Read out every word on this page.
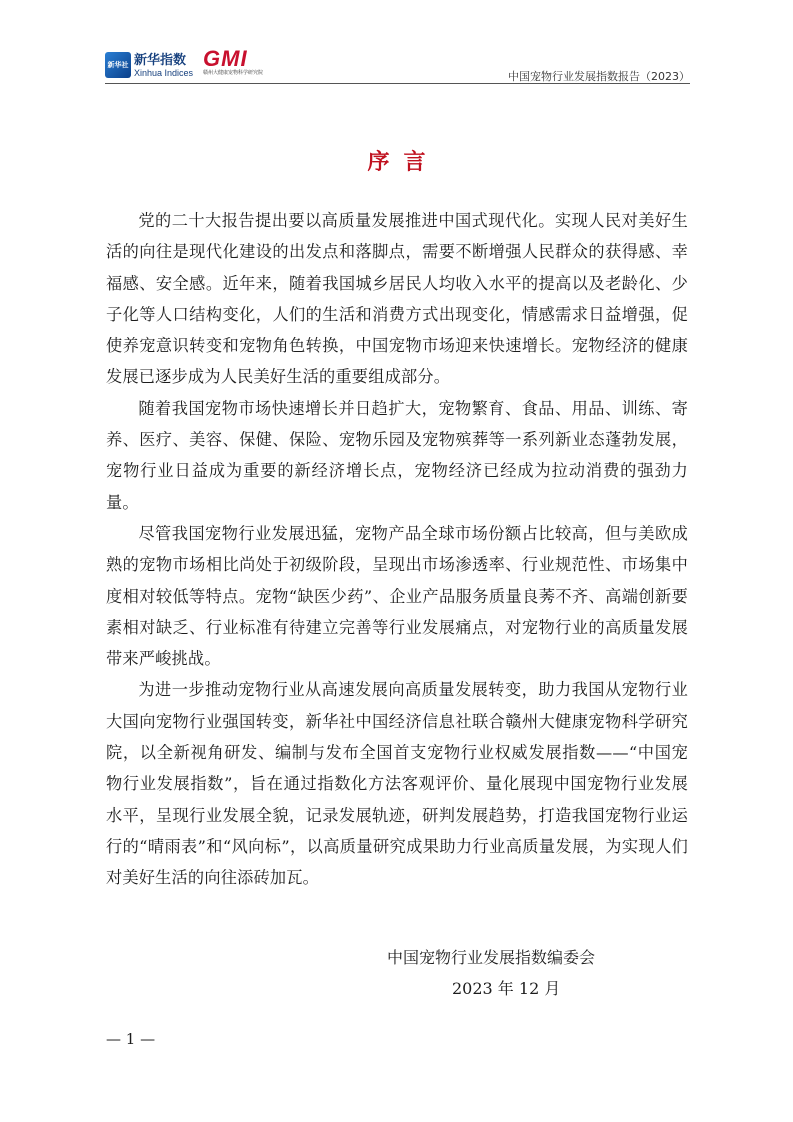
新华社 新华指数
Xinhua Indices
GMI
赣州大健康宠物科学研究院	中国宠物行业发展指数报告（2023）
序言

党的二十大报告提出要以高质量发展推进中国式现代化。实现人民对美好生活的向往是现代化建设的出发点和落脚点，需要不断增强人民群众的获得感、幸福感、安全感。近年来，随着我国城乡居民人均收入水平的提高以及老龄化、少子化等人口结构变化，人们的生活和消费方式出现变化，情感需求日益增强，促使养宠意识转变和宠物角色转换，中国宠物市场迎来快速增长。宠物经济的健康发展已逐步成为人民美好生活的重要组成部分。

随着我国宠物市场快速增长并日趋扩大，宠物繁育、食品、用品、训练、寄养、医疗、美容、保健、保险、宠物乐园及宠物殡葬等一系列新业态蓬勃发展，宠物行业日益成为重要的新经济增长点，宠物经济已经成为拉动消费的强劲力量。

尽管我国宠物行业发展迅猛，宠物产品全球市场份额占比较高，但与美欧成熟的宠物市场相比尚处于初级阶段，呈现出市场渗透率、行业规范性、市场集中度相对较低等特点。宠物“缺医少药”、企业产品服务质量良莠不齐、高端创新要素相对缺乏、行业标准有待建立完善等行业发展痛点，对宠物行业的高质量发展带来严峻挑战。

为进一步推动宠物行业从高速发展向高质量发展转变，助力我国从宠物行业大国向宠物行业强国转变，新华社中国经济信息社联合赣州大健康宠物科学研究院，以全新视角研发、编制与发布全国首支宠物行业权威发展指数——“中国宠物行业发展指数”，旨在通过指数化方法客观评价、量化展现中国宠物行业发展水平，呈现行业发展全貌，记录发展轨迹，研判发展趋势，打造我国宠物行业运行的“晴雨表”和“风向标”，以高质量研究成果助力行业高质量发展，为实现人们对美好生活的向往添砖加瓦。

中国宠物行业发展指数编委会
2023 年 12 月
— 1 —
